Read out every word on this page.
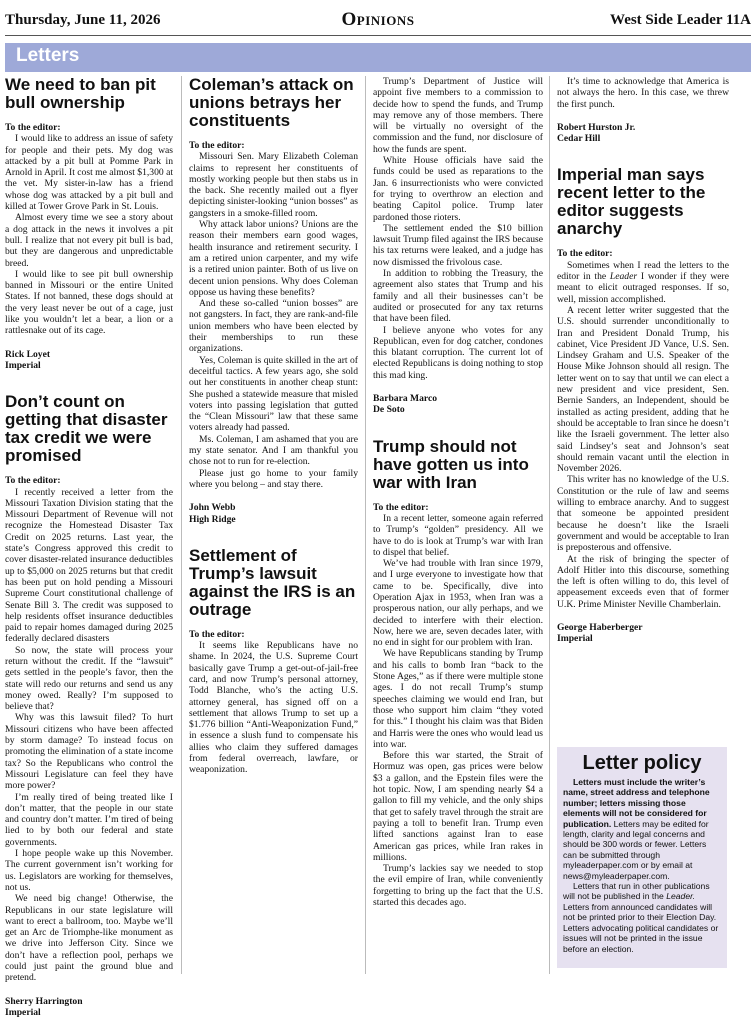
Thursday, June 11, 2026	Opinions	West Side Leader 11A
Letters
We need to ban pit bull ownership

To the editor:

I would like to address an issue of safety for people and their pets. My dog was attacked by a pit bull at Pomme Park in Arnold in April. It cost me almost $1,300 at the vet. My sister-in-law has a friend whose dog was attacked by a pit bull and killed at Tower Grove Park in St. Louis.

Almost every time we see a story about a dog attack in the news it involves a pit bull. I realize that not every pit bull is bad, but they are dangerous and unpredictable breed.

I would like to see pit bull ownership banned in Missouri or the entire United States. If not banned, these dogs should at the very least never be out of a cage, just like you wouldn’t let a bear, a lion or a rattlesnake out of its cage.

Rick Loyet
Imperial
Don’t count on getting that disaster tax credit we were promised

To the editor:

I recently received a letter from the Missouri Taxation Division stating that the Missouri Department of Revenue will not recognize the Homestead Disaster Tax Credit on 2025 returns. Last year, the state’s Congress approved this credit to cover disaster-related insurance deductibles up to $5,000 on 2025 returns but that credit has been put on hold pending a Missouri Supreme Court constitutional challenge of Senate Bill 3. The credit was supposed to help residents offset insurance deductibles paid to repair homes damaged during 2025 federally declared disasters

So now, the state will process your return without the credit. If the “lawsuit” gets settled in the people’s favor, then the state will redo our returns and send us any money owed. Really? I’m supposed to believe that?

Why was this lawsuit filed? To hurt Missouri citizens who have been affected by storm damage? To instead focus on promoting the elimination of a state income tax? So the Republicans who control the Missouri Legislature can feel they have more power?

I’m really tired of being treated like I don’t matter, that the people in our state and country don’t matter. I’m tired of being lied to by both our federal and state governments.

I hope people wake up this November. The current government isn’t working for us. Legislators are working for themselves, not us.

We need big change! Otherwise, the Republicans in our state legislature will want to erect a ballroom, too. Maybe we’ll get an Arc de Triomphe-like monument as we drive into Jefferson City. Since we don’t have a reflection pool, perhaps we could just paint the ground blue and pretend.

Sherry Harrington
Imperial
Coleman’s attack on unions betrays her constituents

To the editor:

Missouri Sen. Mary Elizabeth Coleman claims to represent her constituents of mostly working people but then stabs us in the back. She recently mailed out a flyer depicting sinister-looking “union bosses” as gangsters in a smoke-filled room.

Why attack labor unions? Unions are the reason their members earn good wages, health insurance and retirement security. I am a retired union carpenter, and my wife is a retired union painter. Both of us live on decent union pensions. Why does Coleman oppose us having these benefits?

And these so-called “union bosses” are not gangsters. In fact, they are rank-and-file union members who have been elected by their memberships to run these organizations.

Yes, Coleman is quite skilled in the art of deceitful tactics. A few years ago, she sold out her constituents in another cheap stunt: She pushed a statewide measure that misled voters into passing legislation that gutted the “Clean Missouri” law that these same voters already had passed.

Ms. Coleman, I am ashamed that you are my state senator. And I am thankful you chose not to run for re-election.

Please just go home to your family where you belong – and stay there.

John Webb
High Ridge
Settlement of Trump’s lawsuit against the IRS is an outrage

To the editor:

It seems like Republicans have no shame. In 2024, the U.S. Supreme Court basically gave Trump a get-out-of-jail-free card, and now Trump’s personal attorney, Todd Blanche, who’s the acting U.S. attorney general, has signed off on a settlement that allows Trump to set up a $1.776 billion “Anti-Weaponization Fund,” in essence a slush fund to compensate his allies who claim they suffered damages from federal overreach, lawfare, or weaponization.

Trump’s Department of Justice will appoint five members to a commission to decide how to spend the funds, and Trump may remove any of those members. There will be virtually no oversight of the commission and the fund, nor disclosure of how the funds are spent.

White House officials have said the funds could be used as reparations to the Jan. 6 insurrectionists who were convicted for trying to overthrow an election and beating Capitol police. Trump later pardoned those rioters.

The settlement ended the $10 billion lawsuit Trump filed against the IRS because his tax returns were leaked, and a judge has now dismissed the frivolous case.

In addition to robbing the Treasury, the agreement also states that Trump and his family and all their businesses can’t be audited or prosecuted for any tax returns that have been filed.

I believe anyone who votes for any Republican, even for dog catcher, condones this blatant corruption. The current lot of elected Republicans is doing nothing to stop this mad king.

Barbara Marco
De Soto
Trump should not have gotten us into war with Iran

To the editor:

In a recent letter, someone again referred to Trump’s “golden” presidency. All we have to do is look at Trump’s war with Iran to dispel that belief.

We’ve had trouble with Iran since 1979, and I urge everyone to investigate how that came to be. Specifically, dive into Operation Ajax in 1953, when Iran was a prosperous nation, our ally perhaps, and we decided to interfere with their election. Now, here we are, seven decades later, with no end in sight for our problem with Iran.

We have Republicans standing by Trump and his calls to bomb Iran “back to the Stone Ages,” as if there were multiple stone ages. I do not recall Trump’s stump speeches claiming we would end Iran, but those who support him claim “they voted for this.” I thought his claim was that Biden and Harris were the ones who would lead us into war.

Before this war started, the Strait of Hormuz was open, gas prices were below $3 a gallon, and the Epstein files were the hot topic. Now, I am spending nearly $4 a gallon to fill my vehicle, and the only ships that get to safely travel through the strait are paying a toll to benefit Iran. Trump even lifted sanctions against Iran to ease American gas prices, while Iran rakes in millions.

Trump’s lackies say we needed to stop the evil empire of Iran, while conveniently forgetting to bring up the fact that the U.S. started this decades ago.

It’s time to acknowledge that America is not always the hero. In this case, we threw the first punch.

Robert Hurston Jr.
Cedar Hill
Imperial man says recent letter to the editor suggests anarchy

To the editor:

Sometimes when I read the letters to the editor in the Leader I wonder if they were meant to elicit outraged responses. If so, well, mission accomplished.

A recent letter writer suggested that the U.S. should surrender unconditionally to Iran and President Donald Trump, his cabinet, Vice President JD Vance, U.S. Sen. Lindsey Graham and U.S. Speaker of the House Mike Johnson should all resign. The letter went on to say that until we can elect a new president and vice president, Sen. Bernie Sanders, an Independent, should be installed as acting president, adding that he should be acceptable to Iran since he doesn’t like the Israeli government. The letter also said Lindsey’s seat and Johnson’s seat should remain vacant until the election in November 2026.

This writer has no knowledge of the U.S. Constitution or the rule of law and seems willing to embrace anarchy. And to suggest that someone be appointed president because he doesn’t like the Israeli government and would be acceptable to Iran is preposterous and offensive.

At the risk of bringing the specter of Adolf Hitler into this discourse, something the left is often willing to do, this level of appeasement exceeds even that of former U.K. Prime Minister Neville Chamberlain.

George Haberberger
Imperial
Letter policy

Letters must include the writer’s name, street address and telephone number; letters missing those elements will not be considered for publication. Letters may be edited for length, clarity and legal concerns and should be 300 words or fewer. Letters can be submitted through myleaderpaper.com or by email at news@myleaderpaper.com.

Letters that run in other publications will not be published in the Leader. Letters from announced candidates will not be printed prior to their Election Day. Letters advocating political candidates or issues will not be printed in the issue before an election.
